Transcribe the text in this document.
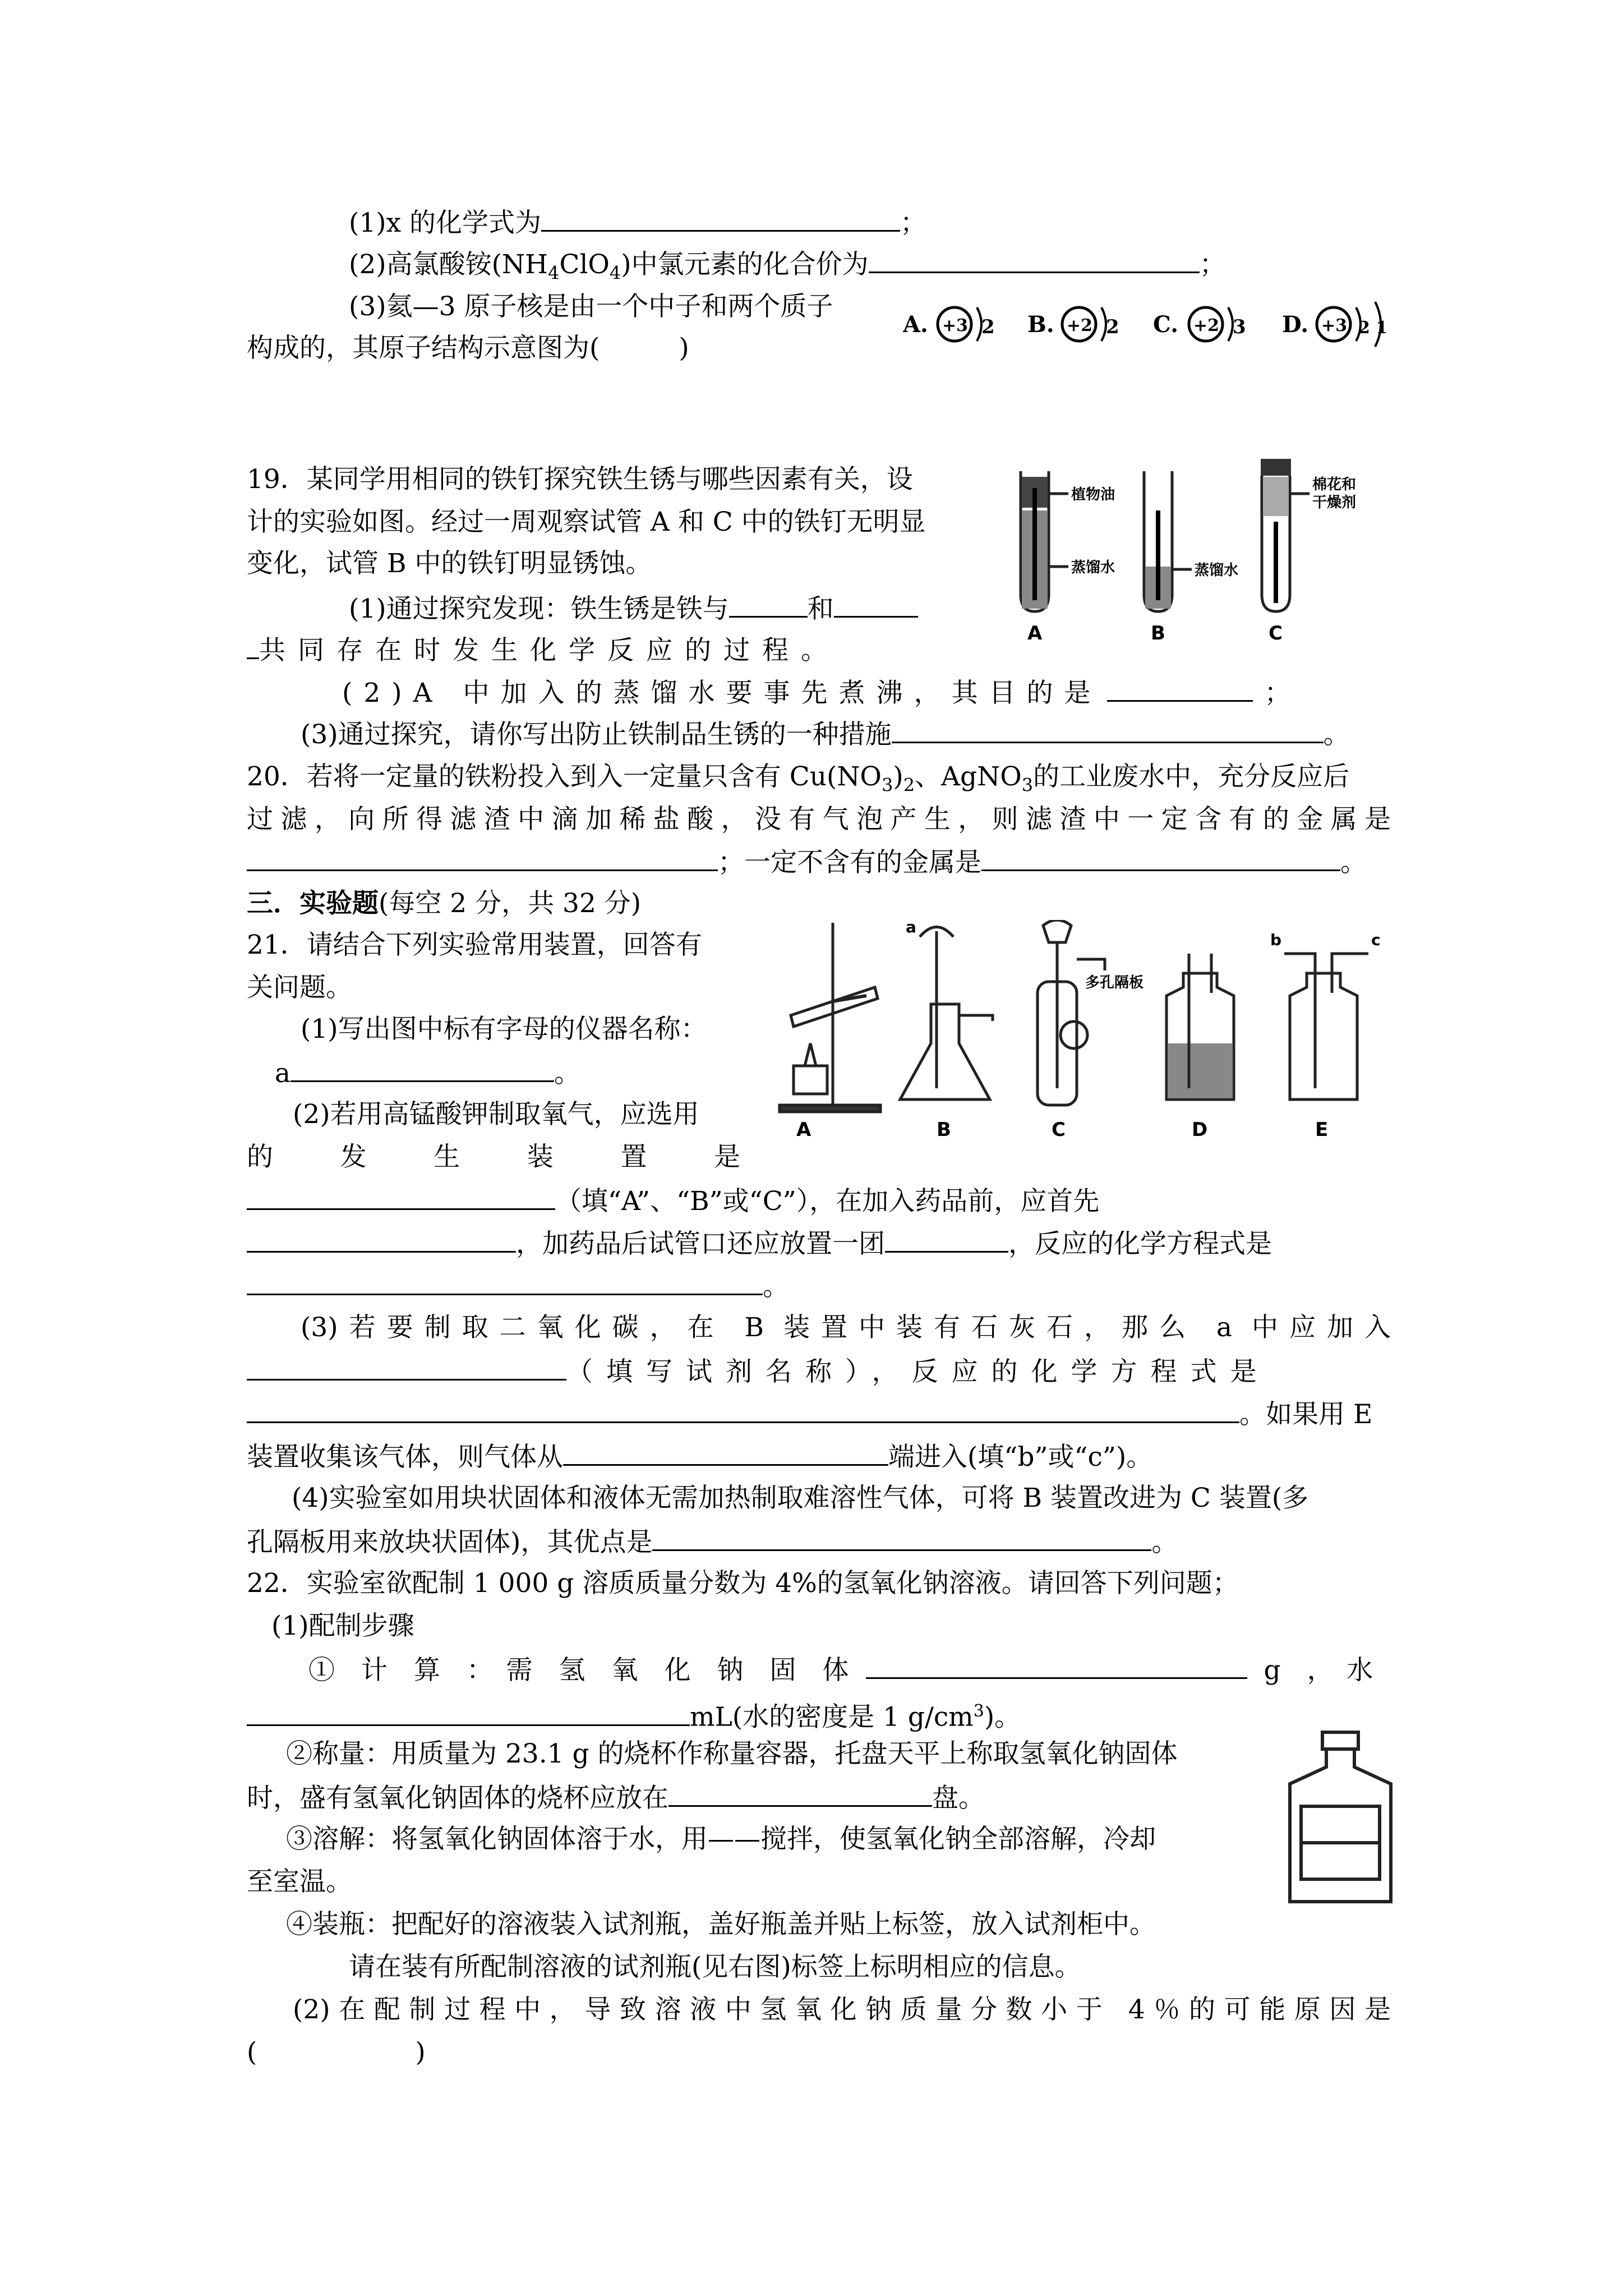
(1)x 的化学式为	；
(2)高氯酸铵$(NH_4ClO_4)$中氯元素的化合价为	；
(3)氦—3 原子核是由一个中子和两个质子
构成的，其原子结构示意图为(　　　)
A. +3 2 B. +2 2 C. +2 3 D. +3 2 1
19．某同学用相同的铁钉探究铁生锈与哪些因素有关，设
计的实验如图。经过一周观察试管 A 和 C 中的铁钉无明显
变化，试管 B 中的铁钉明显锈蚀。
(1)通过探究发现：铁生锈是铁与	和
共同存在时发生化学反应的过程。
(2)A 中加入的蒸馏水要事先煮沸，其目的是	；
(3)通过探究，请你写出防止铁制品生锈的一种措施	。
植物油
蒸馏水	蒸馏水
棉花和
干燥剂
A	B	C
20．若将一定量的铁粉投入到入一定量只含有 $Cu(NO_3)_2$、AgNO$_3$的工业废水中，充分反应后
过滤，向所得滤渣中滴加稀盐酸，没有气泡产生，则滤渣中一定含有的金属是
；一定不含有的金属是	。
三．实验题(每空 2 分，共 32 分)
21．请结合下列实验常用装置，回答有
关问题。
(1)写出图中标有字母的仪器名称：
a	。
(2)若用高锰酸钾制取氧气，应选用
的　发　生　装　置　是
（填“A”、“B”或“C”），在加入药品前，应首先
，加药品后试管口还应放置一团	，反应的化学方程式是
。
(3)若要制取二氧化碳，在 B 装置中装有石灰石，那么 a 中应加入
（填写试剂名称），反应的化学方程式是
。如果用 E
装置收集该气体，则气体从	端进入(填“b”或“c”)。
(4)实验室如用块状固体和液体无需加热制取难溶性气体，可将 B 装置改进为 C 装置(多
孔隔板用来放块状固体)，其优点是	。
a
多孔隔板
b	c
A	B	C	D	E
22．实验室欲配制 1 000 g 溶质质量分数为 4%的氢氧化钠溶液。请回答下列问题；
(1)配制步骤
①　计　算　：　需　氢　氧　化　钠　固　体	g　，　水
mL(水的密度是 1 $g/cm^3$)。
②称量：用质量为 23.1 g 的烧杯作称量容器，托盘天平上称取氢氧化钠固体
时，盛有氢氧化钠固体的烧杯应放在	盘。
③溶解：将氢氧化钠固体溶于水，用——搅拌，使氢氧化钠全部溶解，冷却
至室温。
④装瓶：把配好的溶液装入试剂瓶，盖好瓶盖并贴上标签，放入试剂柜中。
请在装有所配制溶液的试剂瓶(见右图)标签上标明相应的信息。
(2)在配制过程中，导致溶液中氢氧化钠质量分数小于 4％的可能原因是
(　　　　　　)
